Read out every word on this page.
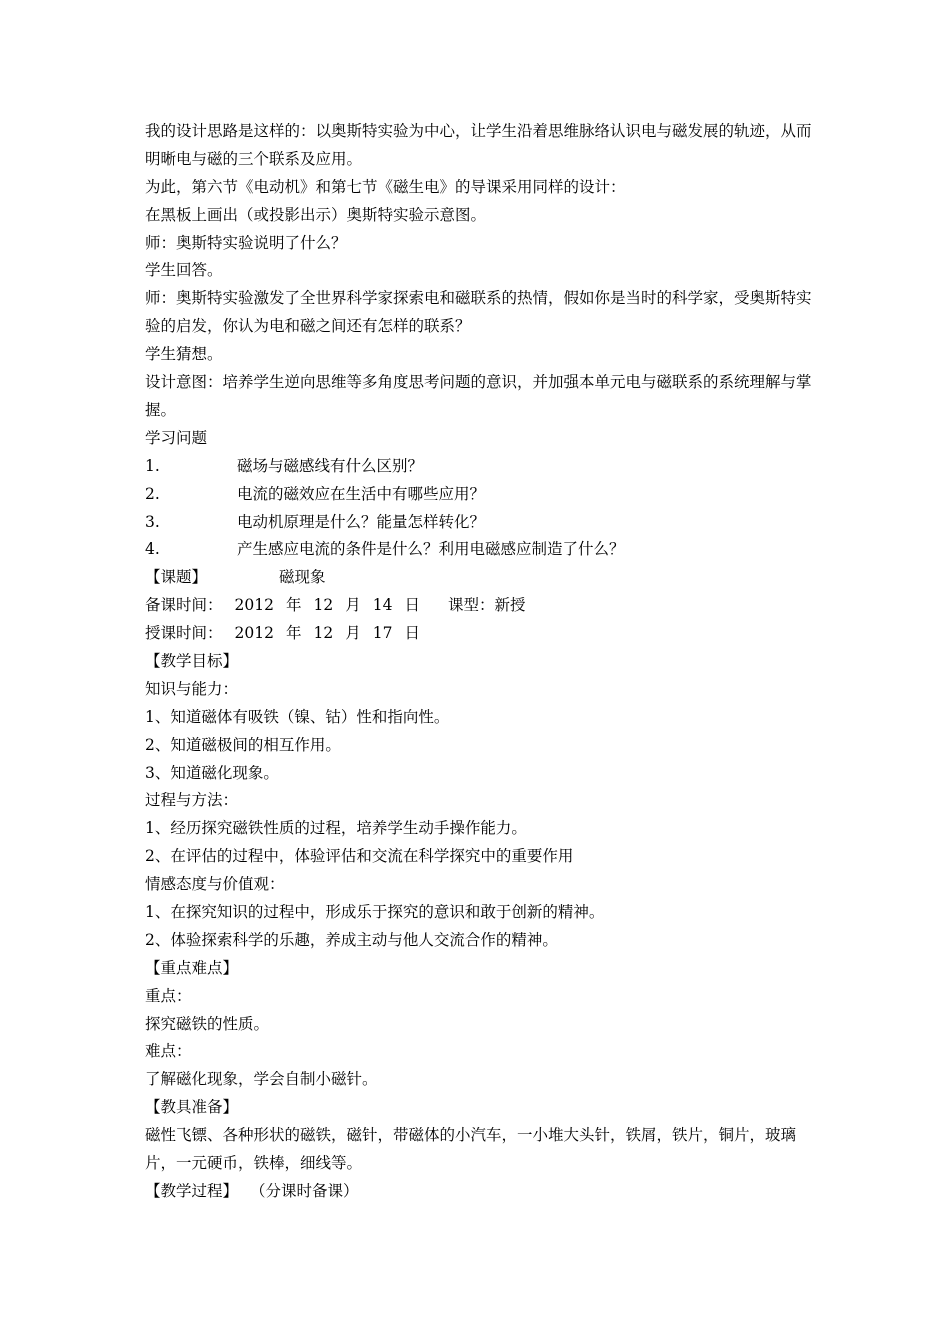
我的设计思路是这样的：以奥斯特实验为中心，让学生沿着思维脉络认识电与磁发展的轨迹，从而明晰电与磁的三个联系及应用。
为此，第六节《电动机》和第七节《磁生电》的导课采用同样的设计：
在黑板上画出（或投影出示）奥斯特实验示意图。
师：奥斯特实验说明了什么？
学生回答。
师：奥斯特实验激发了全世界科学家探索电和磁联系的热情，假如你是当时的科学家，受奥斯特实验的启发，你认为电和磁之间还有怎样的联系？
学生猜想。
设计意图：培养学生逆向思维等多角度思考问题的意识，并加强本单元电与磁联系的系统理解与掌握。
学习问题
1.	磁场与磁感线有什么区别？
2.	电流的磁效应在生活中有哪些应用？
3.	电动机原理是什么？能量怎样转化？
4.	产生感应电流的条件是什么？利用电磁感应制造了什么？
【课题】	磁现象
备课时间： 2012 年 12 月 14 日 课型：新授
授课时间： 2012 年 12 月 17 日
【教学目标】
知识与能力：
1、知道磁体有吸铁（镍、钴）性和指向性。
2、知道磁极间的相互作用。
3、知道磁化现象。
过程与方法：
1、经历探究磁铁性质的过程，培养学生动手操作能力。
2、在评估的过程中，体验评估和交流在科学探究中的重要作用
情感态度与价值观：
1、在探究知识的过程中，形成乐于探究的意识和敢于创新的精神。
2、体验探索科学的乐趣，养成主动与他人交流合作的精神。
【重点难点】
重点：
探究磁铁的性质。
难点：
了解磁化现象，学会自制小磁针。
【教具准备】
磁性飞镖、各种形状的磁铁，磁针，带磁体的小汽车，一小堆大头针，铁屑，铁片，铜片，玻璃片，一元硬币，铁棒，细线等。
【教学过程】 （分课时备课）
